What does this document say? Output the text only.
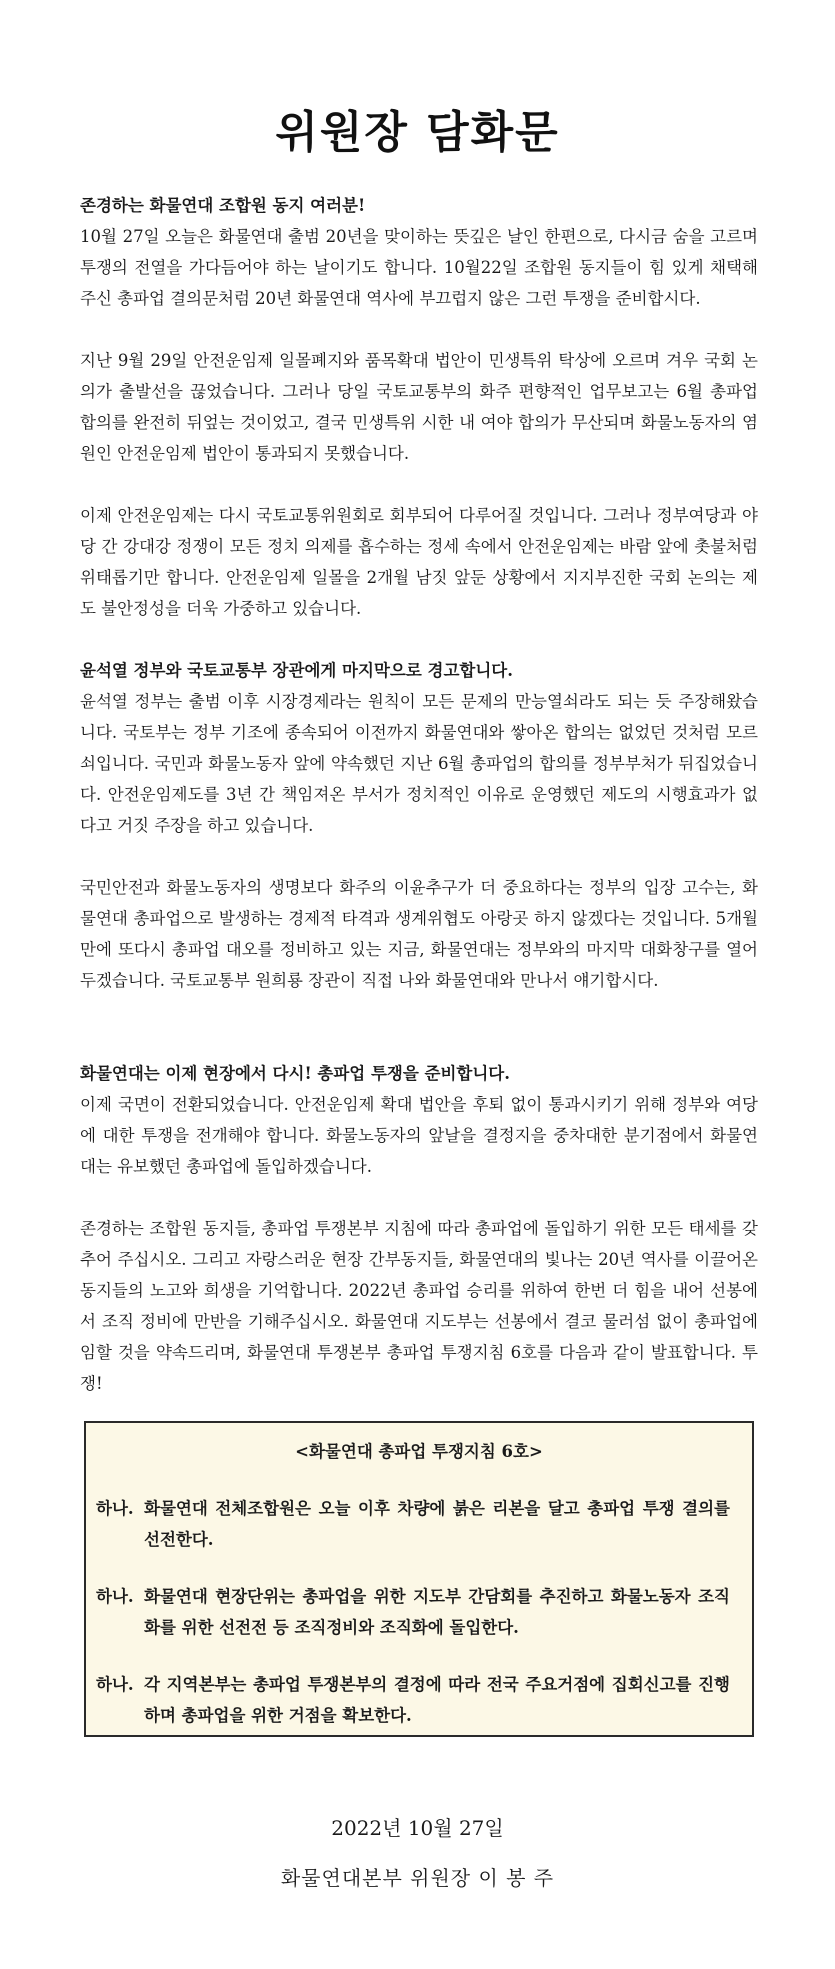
위원장 담화문

존경하는 화물연대 조합원 동지 여러분!

10월 27일 오늘은 화물연대 출범 20년을 맞이하는 뜻깊은 날인 한편으로, 다시금 숨을 고르며 투쟁의 전열을 가다듬어야 하는 날이기도 합니다. 10월22일 조합원 동지들이 힘 있게 채택해주신 총파업 결의문처럼 20년 화물연대 역사에 부끄럽지 않은 그런 투쟁을 준비합시다.

지난 9월 29일 안전운임제 일몰폐지와 품목확대 법안이 민생특위 탁상에 오르며 겨우 국회 논의가 출발선을 끊었습니다. 그러나 당일 국토교통부의 화주 편향적인 업무보고는 6월 총파업 합의를 완전히 뒤엎는 것이었고, 결국 민생특위 시한 내 여야 합의가 무산되며 화물노동자의 염원인 안전운임제 법안이 통과되지 못했습니다.

이제 안전운임제는 다시 국토교통위원회로 회부되어 다루어질 것입니다. 그러나 정부여당과 야당 간 강대강 정쟁이 모든 정치 의제를 흡수하는 정세 속에서 안전운임제는 바람 앞에 촛불처럼 위태롭기만 합니다. 안전운임제 일몰을 2개월 남짓 앞둔 상황에서 지지부진한 국회 논의는 제도 불안정성을 더욱 가중하고 있습니다.

윤석열 정부와 국토교통부 장관에게 마지막으로 경고합니다.

윤석열 정부는 출범 이후 시장경제라는 원칙이 모든 문제의 만능열쇠라도 되는 듯 주장해왔습니다. 국토부는 정부 기조에 종속되어 이전까지 화물연대와 쌓아온 합의는 없었던 것처럼 모르쇠입니다. 국민과 화물노동자 앞에 약속했던 지난 6월 총파업의 합의를 정부부처가 뒤집었습니다. 안전운임제도를 3년 간 책임져온 부서가 정치적인 이유로 운영했던 제도의 시행효과가 없다고 거짓 주장을 하고 있습니다.

국민안전과 화물노동자의 생명보다 화주의 이윤추구가 더 중요하다는 정부의 입장 고수는, 화물연대 총파업으로 발생하는 경제적 타격과 생계위협도 아랑곳 하지 않겠다는 것입니다. 5개월 만에 또다시 총파업 대오를 정비하고 있는 지금, 화물연대는 정부와의 마지막 대화창구를 열어두겠습니다. 국토교통부 원희룡 장관이 직접 나와 화물연대와 만나서 얘기합시다.

화물연대는 이제 현장에서 다시! 총파업 투쟁을 준비합니다.

이제 국면이 전환되었습니다. 안전운임제 확대 법안을 후퇴 없이 통과시키기 위해 정부와 여당에 대한 투쟁을 전개해야 합니다. 화물노동자의 앞날을 결정지을 중차대한 분기점에서 화물연대는 유보했던 총파업에 돌입하겠습니다.

존경하는 조합원 동지들, 총파업 투쟁본부 지침에 따라 총파업에 돌입하기 위한 모든 태세를 갖추어 주십시오. 그리고 자랑스러운 현장 간부동지들, 화물연대의 빛나는 20년 역사를 이끌어온 동지들의 노고와 희생을 기억합니다. 2022년 총파업 승리를 위하여 한번 더 힘을 내어 선봉에서 조직 정비에 만반을 기해주십시오. 화물연대 지도부는 선봉에서 결코 물러섬 없이 총파업에 임할 것을 약속드리며, 화물연대 투쟁본부 총파업 투쟁지침 6호를 다음과 같이 발표합니다. 투쟁!

<화물연대 총파업 투쟁지침 6호>
하나. 화물연대 전체조합원은 오늘 이후 차량에 붉은 리본을 달고 총파업 투쟁 결의를 선전한다.
하나. 화물연대 현장단위는 총파업을 위한 지도부 간담회를 추진하고 화물노동자 조직화를 위한 선전전 등 조직정비와 조직화에 돌입한다.
하나. 각 지역본부는 총파업 투쟁본부의 결정에 따라 전국 주요거점에 집회신고를 진행하며 총파업을 위한 거점을 확보한다.
2022년 10월 27일
화물연대본부 위원장 이 봉 주
